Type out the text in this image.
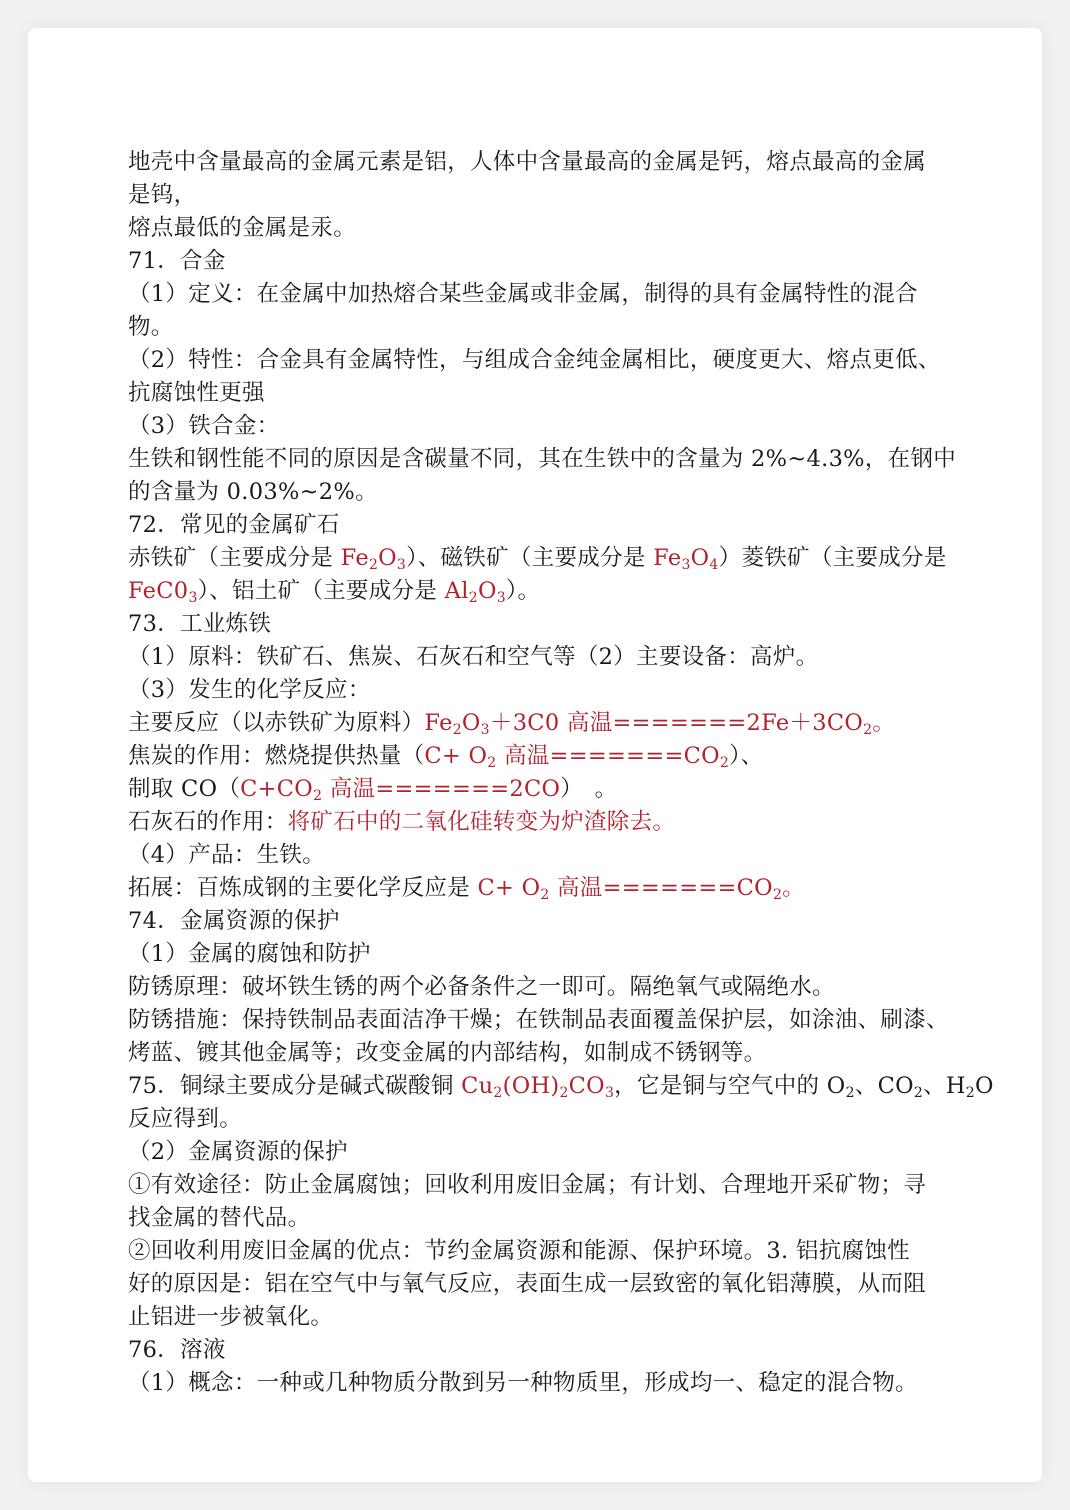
地壳中含量最高的金属元素是铝，人体中含量最高的金属是钙，熔点最高的金属
是钨，
熔点最低的金属是汞。
71．合金
（1）定义：在金属中加热熔合某些金属或非金属，制得的具有金属特性的混合
物。
（2）特性：合金具有金属特性，与组成合金纯金属相比，硬度更大、熔点更低、
抗腐蚀性更强
（3）铁合金：
生铁和钢性能不同的原因是含碳量不同，其在生铁中的含量为 2%~4.3%，在钢中
的含量为 0.03%~2%。
72．常见的金属矿石
赤铁矿（主要成分是 $Fe_2O_3$）、磁铁矿（主要成分是 $Fe_3O_4$）菱铁矿（主要成分是
$FeC0_3$）、铝土矿（主要成分是 $Al_2O_3$）。
73．工业炼铁
（1）原料：铁矿石、焦炭、石灰石和空气等（2）主要设备：高炉。
（3）发生的化学反应：
主要反应（以赤铁矿为原料）$Fe_2O_3+3C0$ 高温$=======2Fe+3CO_2$。
焦炭的作用：燃烧提供热量（$C+ O_2$ 高温$=======CO_2$）、
制取 $CO(C+CO_2$ 高温=======2CO）　。
石灰石的作用：将矿石中的二氧化硅转变为炉渣除去。
（4）产品：生铁。
拓展：百炼成钢的主要化学反应是 $C+ O_2$ 高温$=======CO_2$。
74．金属资源的保护
（1）金属的腐蚀和防护
防锈原理：破坏铁生锈的两个必备条件之一即可。隔绝氧气或隔绝水。
防锈措施：保持铁制品表面洁净干燥；在铁制品表面覆盖保护层，如涂油、刷漆、
烤蓝、镀其他金属等；改变金属的内部结构，如制成不锈钢等。
75．铜绿主要成分是碱式碳酸铜 $Cu_2(OH)_2CO_3$，它是铜与空气中的 $O_2$、$CO_2$、$H_2O$
反应得到。
（2）金属资源的保护
①有效途径：防止金属腐蚀；回收利用废旧金属；有计划、合理地开采矿物；寻
找金属的替代品。
②回收利用废旧金属的优点：节约金属资源和能源、保护环境。3. 铝抗腐蚀性
好的原因是：铝在空气中与氧气反应，表面生成一层致密的氧化铝薄膜，从而阻
止铝进一步被氧化。
76．溶液
（1）概念：一种或几种物质分散到另一种物质里，形成均一、稳定的混合物。
